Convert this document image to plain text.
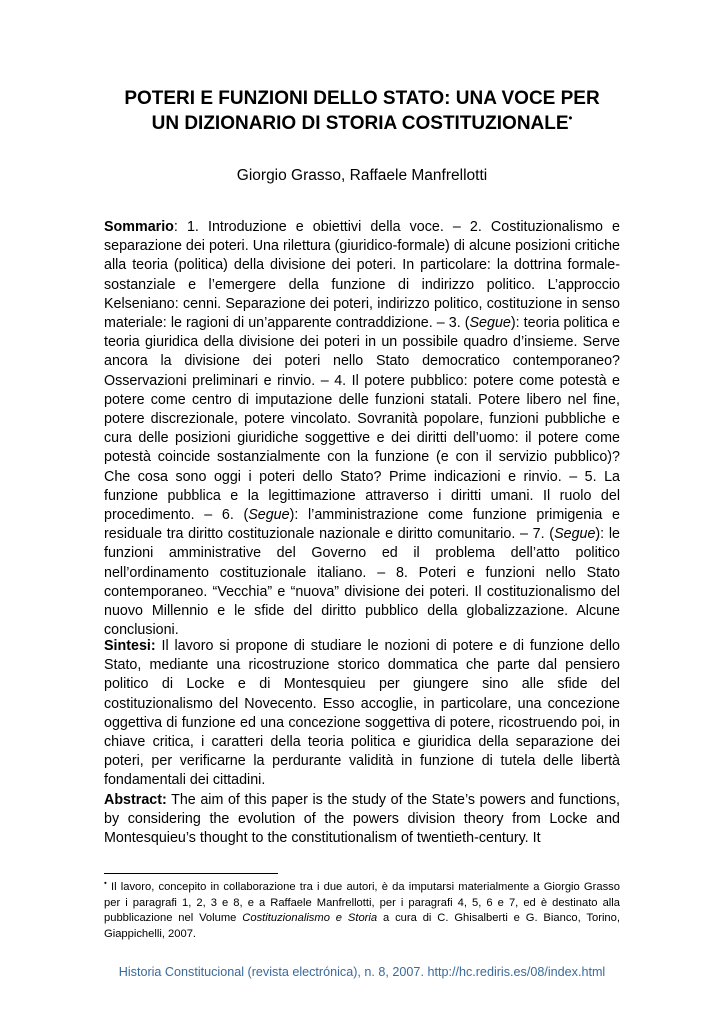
POTERI E FUNZIONI DELLO STATO: UNA VOCE PER
UN DIZIONARIO DI STORIA COSTITUZIONALE•
Giorgio Grasso, Raffaele Manfrellotti

Sommario: 1. Introduzione e obiettivi della voce. – 2. Costituzionalismo e separazione dei poteri. Una rilettura (giuridico-formale) di alcune posizioni critiche alla teoria (politica) della divisione dei poteri. In particolare: la dottrina formale-sostanziale e l’emergere della funzione di indirizzo politico. L’approccio Kelseniano: cenni. Separazione dei poteri, indirizzo politico, costituzione in senso materiale: le ragioni di un’apparente contraddizione. – 3. (Segue): teoria politica e teoria giuridica della divisione dei poteri in un possibile quadro d’insieme. Serve ancora la divisione dei poteri nello Stato democratico contemporaneo? Osservazioni preliminari e rinvio. – 4. Il potere pubblico: potere come potestà e potere come centro di imputazione delle funzioni statali. Potere libero nel fine, potere discrezionale, potere vincolato. Sovranità popolare, funzioni pubbliche e cura delle posizioni giuridiche soggettive e dei diritti dell’uomo: il potere come potestà coincide sostanzialmente con la funzione (e con il servizio pubblico)? Che cosa sono oggi i poteri dello Stato? Prime indicazioni e rinvio. – 5. La funzione pubblica e la legittimazione attraverso i diritti umani. Il ruolo del procedimento. – 6. (Segue): l’amministrazione come funzione primigenia e residuale tra diritto costituzionale nazionale e diritto comunitario. – 7. (Segue): le funzioni amministrative del Governo ed il problema dell’atto politico nell’ordinamento costituzionale italiano. – 8. Poteri e funzioni nello Stato contemporaneo. “Vecchia” e “nuova” divisione dei poteri. Il costituzionalismo del nuovo Millennio e le sfide del diritto pubblico della globalizzazione. Alcune conclusioni.

Sintesi: Il lavoro si propone di studiare le nozioni di potere e di funzione dello Stato, mediante una ricostruzione storico dommatica che parte dal pensiero politico di Locke e di Montesquieu per giungere sino alle sfide del costituzionalismo del Novecento. Esso accoglie, in particolare, una concezione oggettiva di funzione ed una concezione soggettiva di potere, ricostruendo poi, in chiave critica, i caratteri della teoria politica e giuridica della separazione dei poteri, per verificarne la perdurante validità in funzione di tutela delle libertà fondamentali dei cittadini.

Abstract: The aim of this paper is the study of the State’s powers and functions, by considering the evolution of the powers division theory from Locke and Montesquieu’s thought to the constitutionalism of twentieth-century. It

• Il lavoro, concepito in collaborazione tra i due autori, è da imputarsi materialmente a Giorgio Grasso per i paragrafi 1, 2, 3 e 8, e a Raffaele Manfrellotti, per i paragrafi 4, 5, 6 e 7, ed è destinato alla pubblicazione nel Volume Costituzionalismo e Storia a cura di C. Ghisalberti e G. Bianco, Torino, Giappichelli, 2007.

Historia Constitucional (revista electrónica), n. 8, 2007. http://hc.rediris.es/08/index.html
